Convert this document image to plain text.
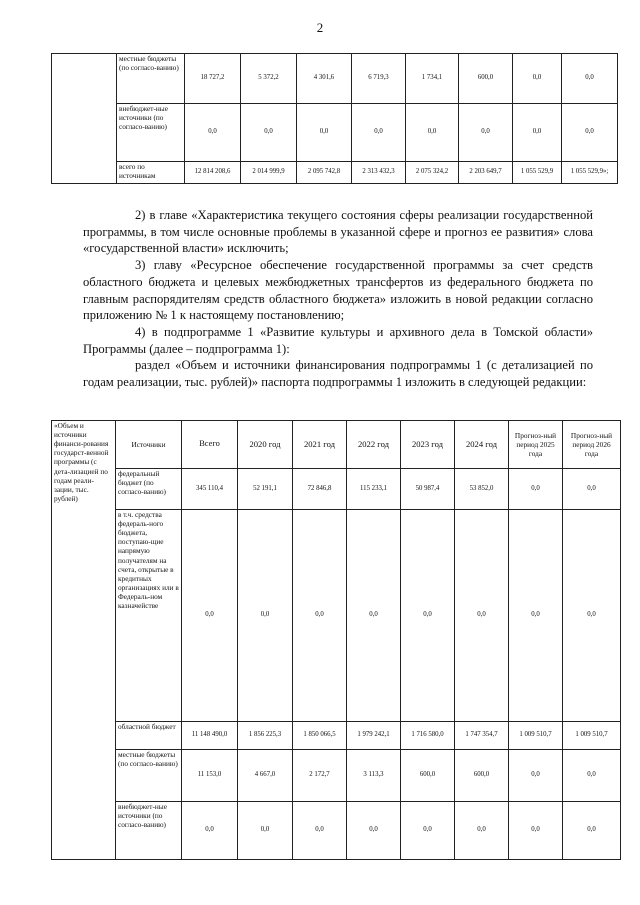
2
	местные бюджеты (по согласо-ванию)	18 727,2	5 372,2	4 301,6	6 719,3	1 734,1	600,0	0,0	0,0
	внебюджет-ные источники (по согласо-ванию)	0,0	0,0	0,0	0,0	0,0	0,0	0,0	0,0
	всего по источникам	12 814 208,6	2 014 999,9	2 095 742,8	2 313 432,3	2 075 324,2	2 203 649,7	1 055 529,9	1 055 529,9»;
2) в главе «Характеристика текущего состояния сферы реализации государственной программы, в том числе основные проблемы в указанной сфере и прогноз ее развития» слова «государственной власти» исключить;
3) главу «Ресурсное обеспечение государственной программы за счет средств областного бюджета и целевых межбюджетных трансфертов из федерального бюджета по главным распорядителям средств областного бюджета» изложить в новой редакции согласно приложению № 1 к настоящему постановлению;
4) в подпрограмме 1 «Развитие культуры и архивного дела в Томской области» Программы (далее – подпрограмма 1):
раздел «Объем и источники финансирования подпрограммы 1 (с детализацией по годам реализации, тыс. рублей)» паспорта подпрограммы 1 изложить в следующей редакции:
«Объем и источники финанси-рования государст-венной программы (с дета-лизацией по годам реали-зации, тыс. рублей)	Источники	Всего	2020 год	2021 год	2022 год	2023 год	2024 год	Прогноз-ный период 2025 года	Прогноз-ный период 2026 года
	федеральный бюджет (по согласо-ванию)	345 110,4	52 191,1	72 846,8	115 233,1	50 987,4	53 852,0	0,0	0,0
	в т.ч. средства федераль-ного бюджета, поступаю-щие напрямую получателям на счета, открытые в кредитных организациях или в Федераль-ном казначействе	0,0	0,0	0,0	0,0	0,0	0,0	0,0	0,0
	областной бюджет	11 148 490,0	1 856 225,3	1 850 066,5	1 979 242,1	1 716 580,0	1 747 354,7	1 009 510,7	1 009 510,7
	местные бюджеты (по согласо-ванию)	11 153,0	4 667,0	2 172,7	3 113,3	600,0	600,0	0,0	0,0
	внебюджет-ные источники (по согласо-ванию)	0,0	0,0	0,0	0,0	0,0	0,0	0,0	0,0
